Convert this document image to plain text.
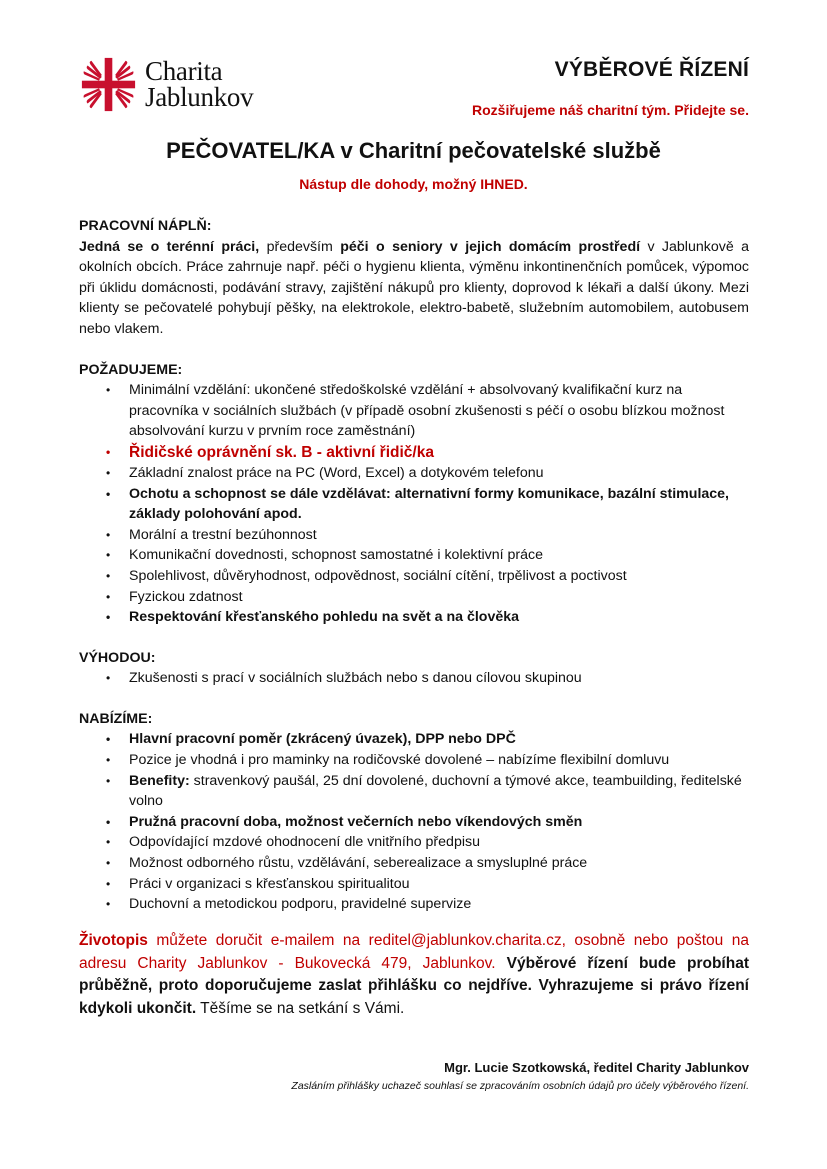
Charita
Jablunkov
VÝBĚROVÉ ŘÍZENÍ
Rozšiřujeme náš charitní tým. Přidejte se.
PEČOVATEL/KA v Charitní pečovatelské službě
Nástup dle dohody, možný IHNED.
PRACOVNÍ NÁPLŇ:

Jedná se o terénní práci, především péči o seniory v jejich domácím prostředí v Jablunkově a okolních obcích. Práce zahrnuje např. péči o hygienu klienta, výměnu inkontinenčních pomůcek, výpomoc při úklidu domácnosti, podávání stravy, zajištění nákupů pro klienty, doprovod k lékaři a další úkony. Mezi klienty se pečovatelé pohybují pěšky, na elektrokole, elektro-babetě, služebním automobilem, autobusem nebo vlakem.

POŽADUJEME:
• Minimální vzdělání: ukončené středoškolské vzdělání + absolvovaný kvalifikační kurz na pracovníka v sociálních službách (v případě osobní zkušenosti s péčí o osobu blízkou možnost absolvování kurzu v prvním roce zaměstnání)
• Řidičské oprávnění sk. B - aktivní řidič/ka
• Základní znalost práce na PC (Word, Excel) a dotykovém telefonu
• Ochotu a schopnost se dále vzdělávat: alternativní formy komunikace, bazální stimulace, základy polohování apod.
• Morální a trestní bezúhonnost
• Komunikační dovednosti, schopnost samostatné i kolektivní práce
• Spolehlivost, důvěryhodnost, odpovědnost, sociální cítění, trpělivost a poctivost
• Fyzickou zdatnost
• Respektování křesťanského pohledu na svět a na člověka
VÝHODOU:
• Zkušenosti s prací v sociálních službách nebo s danou cílovou skupinou
NABÍZÍME:
• Hlavní pracovní poměr (zkrácený úvazek), DPP nebo DPČ
• Pozice je vhodná i pro maminky na rodičovské dovolené – nabízíme flexibilní domluvu
• Benefity: stravenkový paušál, 25 dní dovolené, duchovní a týmové akce, teambuilding, ředitelské volno
• Pružná pracovní doba, možnost večerních nebo víkendových směn
• Odpovídající mzdové ohodnocení dle vnitřního předpisu
• Možnost odborného růstu, vzdělávání, seberealizace a smysluplné práce
• Práci v organizaci s křesťanskou spiritualitou
• Duchovní a metodickou podporu, pravidelné supervize

Životopis můžete doručit e-mailem na reditel@jablunkov.charita.cz, osobně nebo poštou na adresu Charity Jablunkov - Bukovecká 479, Jablunkov. Výběrové řízení bude probíhat průběžně, proto doporučujeme zaslat přihlášku co nejdříve. Vyhrazujeme si právo řízení kdykoli ukončit. Těšíme se na setkání s Vámi.

Mgr. Lucie Szotkowská, ředitel Charity Jablunkov
Zasláním přihlášky uchazeč souhlasí se zpracováním osobních údajů pro účely výběrového řízení.
